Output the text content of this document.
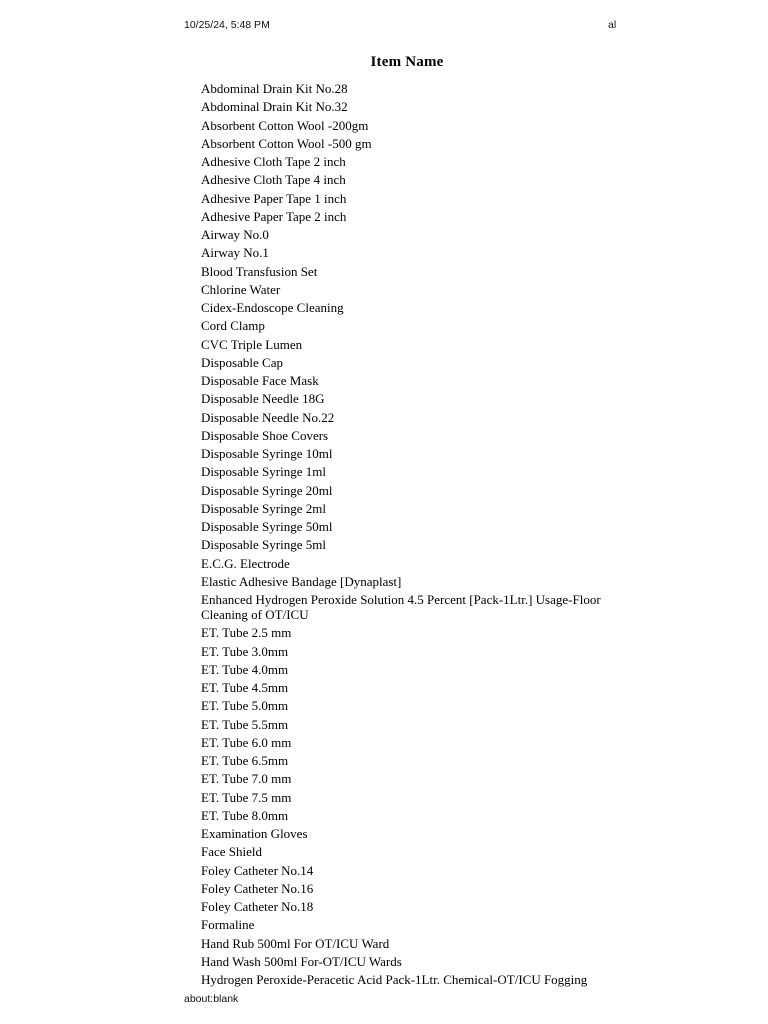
10/25/24, 5:48 PM	al
Item Name
Abdominal Drain Kit No.28
Abdominal Drain Kit No.32
Absorbent Cotton Wool -200gm
Absorbent Cotton Wool -500 gm
Adhesive Cloth Tape 2 inch
Adhesive Cloth Tape 4 inch
Adhesive Paper Tape 1 inch
Adhesive Paper Tape 2 inch
Airway No.0
Airway No.1
Blood Transfusion Set
Chlorine Water
Cidex-Endoscope Cleaning
Cord Clamp
CVC Triple Lumen
Disposable Cap
Disposable Face Mask
Disposable Needle 18G
Disposable Needle No.22
Disposable Shoe Covers
Disposable Syringe 10ml
Disposable Syringe 1ml
Disposable Syringe 20ml
Disposable Syringe 2ml
Disposable Syringe 50ml
Disposable Syringe 5ml
E.C.G. Electrode
Elastic Adhesive Bandage [Dynaplast]
Enhanced Hydrogen Peroxide Solution 4.5 Percent [Pack-1Ltr.] Usage-Floor Cleaning of OT/ICU
ET. Tube 2.5 mm
ET. Tube 3.0mm
ET. Tube 4.0mm
ET. Tube 4.5mm
ET. Tube 5.0mm
ET. Tube 5.5mm
ET. Tube 6.0 mm
ET. Tube 6.5mm
ET. Tube 7.0 mm
ET. Tube 7.5 mm
ET. Tube 8.0mm
Examination Gloves
Face Shield
Foley Catheter No.14
Foley Catheter No.16
Foley Catheter No.18
Formaline
Hand Rub 500ml For OT/ICU Ward
Hand Wash 500ml For-OT/ICU Wards
Hydrogen Peroxide-Peracetic Acid Pack-1Ltr. Chemical-OT/ICU Fogging
about:blank
